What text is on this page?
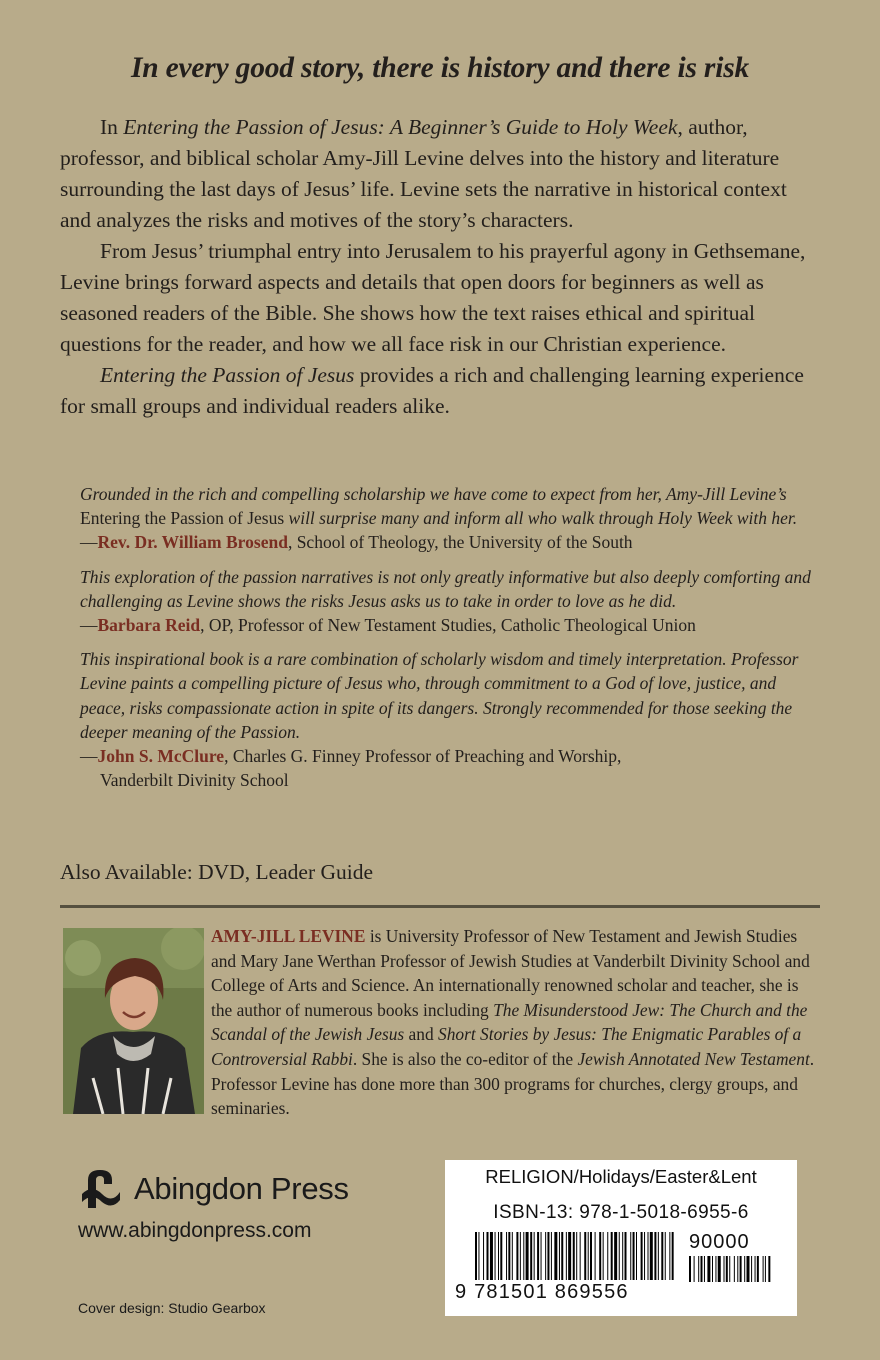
In every good story, there is history and there is risk

In Entering the Passion of Jesus: A Beginner’s Guide to Holy Week, author, professor, and biblical scholar Amy-Jill Levine delves into the history and literature surrounding the last days of Jesus’ life. Levine sets the narrative in historical context and analyzes the risks and motives of the story’s characters.

From Jesus’ triumphal entry into Jerusalem to his prayerful agony in Gethsemane, Levine brings forward aspects and details that open doors for beginners as well as seasoned readers of the Bible. She shows how the text raises ethical and spiritual questions for the reader, and how we all face risk in our Christian experience.

Entering the Passion of Jesus provides a rich and challenging learning experience for small groups and individual readers alike.

Grounded in the rich and compelling scholarship we have come to expect from her, Amy-Jill Levine’s Entering the Passion of Jesus will surprise many and inform all who walk through Holy Week with her.
—Rev. Dr. William Brosend, School of Theology, the University of the South
This exploration of the passion narratives is not only greatly informative but also deeply comforting and challenging as Levine shows the risks Jesus asks us to take in order to love as he did.
—Barbara Reid, OP, Professor of New Testament Studies, Catholic Theological Union
This inspirational book is a rare combination of scholarly wisdom and timely interpretation. Professor Levine paints a compelling picture of Jesus who, through commitment to a God of love, justice, and peace, risks compassionate action in spite of its dangers. Strongly recommended for those seeking the deeper meaning of the Passion.
—John S. McClure, Charles G. Finney Professor of Preaching and Worship,
Vanderbilt Divinity School
Also Available: DVD, Leader Guide
AMY-JILL LEVINE is University Professor of New Testament and Jewish Studies and Mary Jane Werthan Professor of Jewish Studies at Vanderbilt Divinity School and College of Arts and Science. An internationally renowned scholar and teacher, she is the author of numerous books including The Misunderstood Jew: The Church and the Scandal of the Jewish Jesus and Short Stories by Jesus: The Enigmatic Parables of a Controversial Rabbi. She is also the co-editor of the Jewish Annotated New Testament. Professor Levine has done more than 300 programs for churches, clergy groups, and seminaries.
Abingdon Press
www.abingdonpress.com
Cover design: Studio Gearbox
RELIGION/Holidays/Easter&Lent
ISBN-13: 978-1-5018-6955-6
90000
9 781501 869556
